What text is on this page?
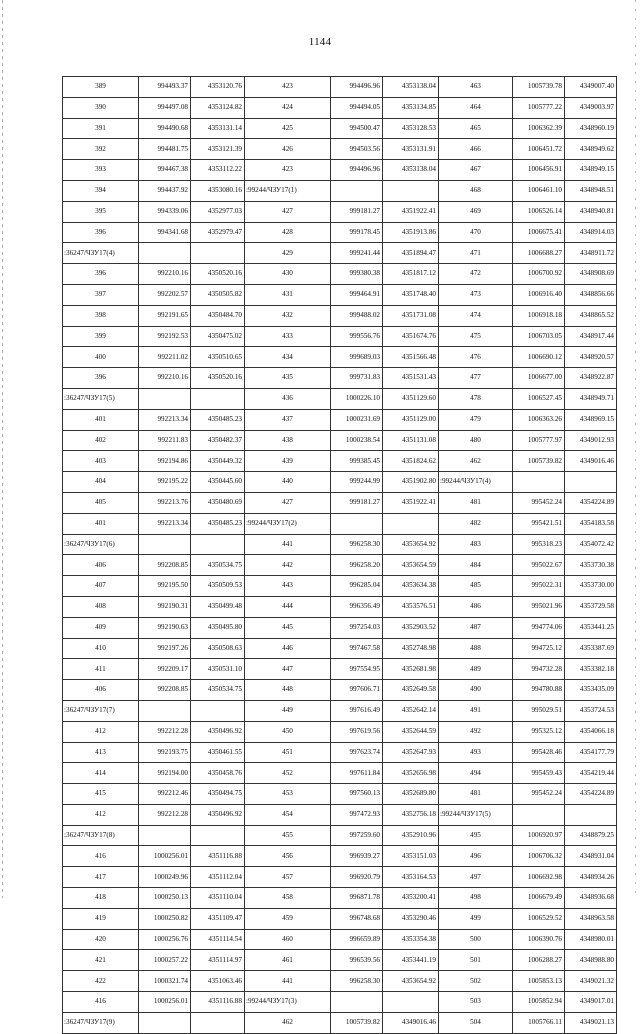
1144
389	994493.37	4353120.76	423	994496.96	4353138.04	463	1005739.78	4349007.40
390	994497.08	4353124.82	424	994494.05	4353134.85	464	1005777.22	4349003.97
391	994490.68	4353131.14	425	994500.47	4353128.53	465	1006362.39	4348960.19
392	994481.75	4353121.39	426	994503.56	4353131.91	466	1006451.72	4348949.62
393	994467.38	4353112.22	423	994496.96	4353138.04	467	1006456.91	4348949.15
394	994437.92	4353080.16	:99244/ЧЗУ17(1)			468	1006461.10	4348948.51
395	994339.06	4352977.03	427	999181.27	4351922.41	469	1006526.14	4348940.81
396	994341.68	4352979.47	428	999178.45	4351913.86	470	1006675.41	4348914.03
:36247/ЧЗУ17(4)			429	999241.44	4351894.47	471	1006688.27	4348911.72
396	992210.16	4350520.16	430	999380.38	4351817.12	472	1006700.92	4348908.69
397	992202.57	4350505.82	431	999464.91	4351748.40	473	1006916.40	4348856.66
398	992191.65	4350484.70	432	999488.02	4351731.08	474	1006918.18	4348865.52
399	992192.53	4350475.02	433	999556.76	4351674.76	475	1006703.05	4348917.44
400	992211.02	4350510.65	434	999689.03	4351566.48	476	1006690.12	4348920.57
396	992210.16	4350520.16	435	999731.83	4351531.43	477	1006677.00	4348922.87
:36247/ЧЗУ17(5)			436	1000226.10	4351129.60	478	1006527.45	4348949.71
401	992213.34	4350485.23	437	1000231.69	4351129.00	479	1006363.26	4348969.15
402	992211.83	4350482.37	438	1000238.54	4351131.08	480	1005777.97	4349012.93
403	992194.86	4350449.32	439	999385.45	4351824.62	462	1005739.82	4349016.46
404	992195.22	4350445.60	440	999244.99	4351902.80	:99244/ЧЗУ17(4)		
405	992213.76	4350480.69	427	999181.27	4351922.41	481	995452.24	4354224.89
401	992213.34	4350485.23	:99244/ЧЗУ17(2)			482	995421.51	4354183.58
:36247/ЧЗУ17(6)			441	996258.30	4353654.92	483	995318.23	4354072.42
406	992208.85	4350534.75	442	996258.20	4353654.59	484	995022.67	4353730.38
407	992195.50	4350509.53	443	996285.04	4353634.38	485	995022.31	4353730.00
408	992190.31	4350499.48	444	996356.49	4353576.51	486	995021.96	4353729.58
409	992190.63	4350495.80	445	997254.03	4352903.52	487	994774.06	4353441.25
410	992197.26	4350508.63	446	997467.58	4352748.98	488	994725.12	4353387.69
411	992209.17	4350531.10	447	997554.95	4352681.98	489	994732.28	4353382.18
406	992208.85	4350534.75	448	997606.71	4352649.58	490	994780.88	4353435.09
:36247/ЧЗУ17(7)			449	997616.49	4352642.14	491	995029.51	4353724.53
412	992212.28	4350496.92	450	997619.56	4352644.59	492	995325.12	4354066.18
413	992193.75	4350461.55	451	997623.74	4352647.93	493	995428.46	4354177.79
414	992194.00	4350458.76	452	997611.84	4352656.98	494	995459.43	4354219.44
415	992212.46	4350494.75	453	997560.13	4352689.80	481	995452.24	4354224.89
412	992212.28	4350496.92	454	997472.93	4352756.18	:99244/ЧЗУ17(5)		
:36247/ЧЗУ17(8)			455	997259.60	4352910.96	495	1006920.97	4348879.25
416	1000256.01	4351116.88	456	996939.27	4353151.03	496	1006706.32	4348931.04
417	1000249.96	4351112.04	457	996920.79	4353164.53	497	1006692.98	4348934.26
418	1000250.13	4351110.04	458	996871.78	4353200.41	498	1006679.49	4348936.68
419	1000250.82	4351109.47	459	996748.68	4353290.46	499	1006529.52	4348963.58
420	1000256.76	4351114.54	460	996659.89	4353354.38	500	1006390.76	4348980.01
421	1000257.22	4351114.97	461	996539.56	4353441.19	501	1006288.27	4348988.80
422	1000321.74	4351063.46	441	996258.30	4353654.92	502	1005853.13	4349021.32
416	1000256.01	4351116.88	:99244/ЧЗУ17(3)			503	1005852.94	4349017.01
:36247/ЧЗУ17(9)			462	1005739.82	4349016.46	504	1005766.11	4349021.13
